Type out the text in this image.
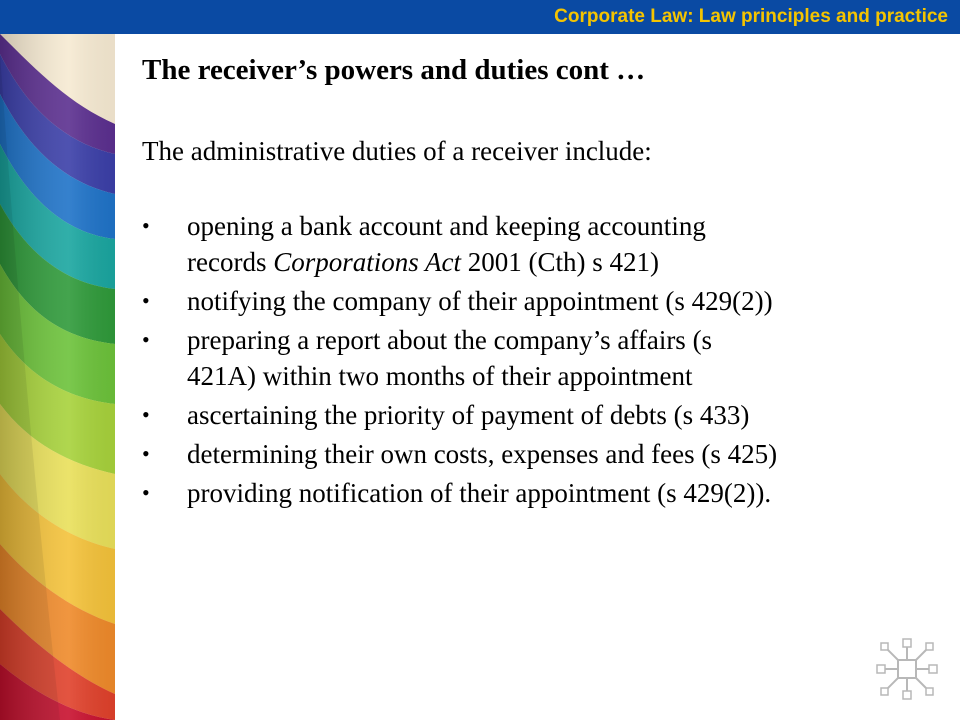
Corporate Law: Law principles and practice
The receiver’s powers and duties cont …

The administrative duties of a receiver include:

• opening a bank account and keeping accounting
records Corporations Act 2001 (Cth) s 421)
• notifying the company of their appointment (s 429(2))
• preparing a report about the company’s affairs (s
421A) within two months of their appointment
• ascertaining the priority of payment of debts (s 433)
• determining their own costs, expenses and fees (s 425)
• providing notification of their appointment (s 429(2)).
